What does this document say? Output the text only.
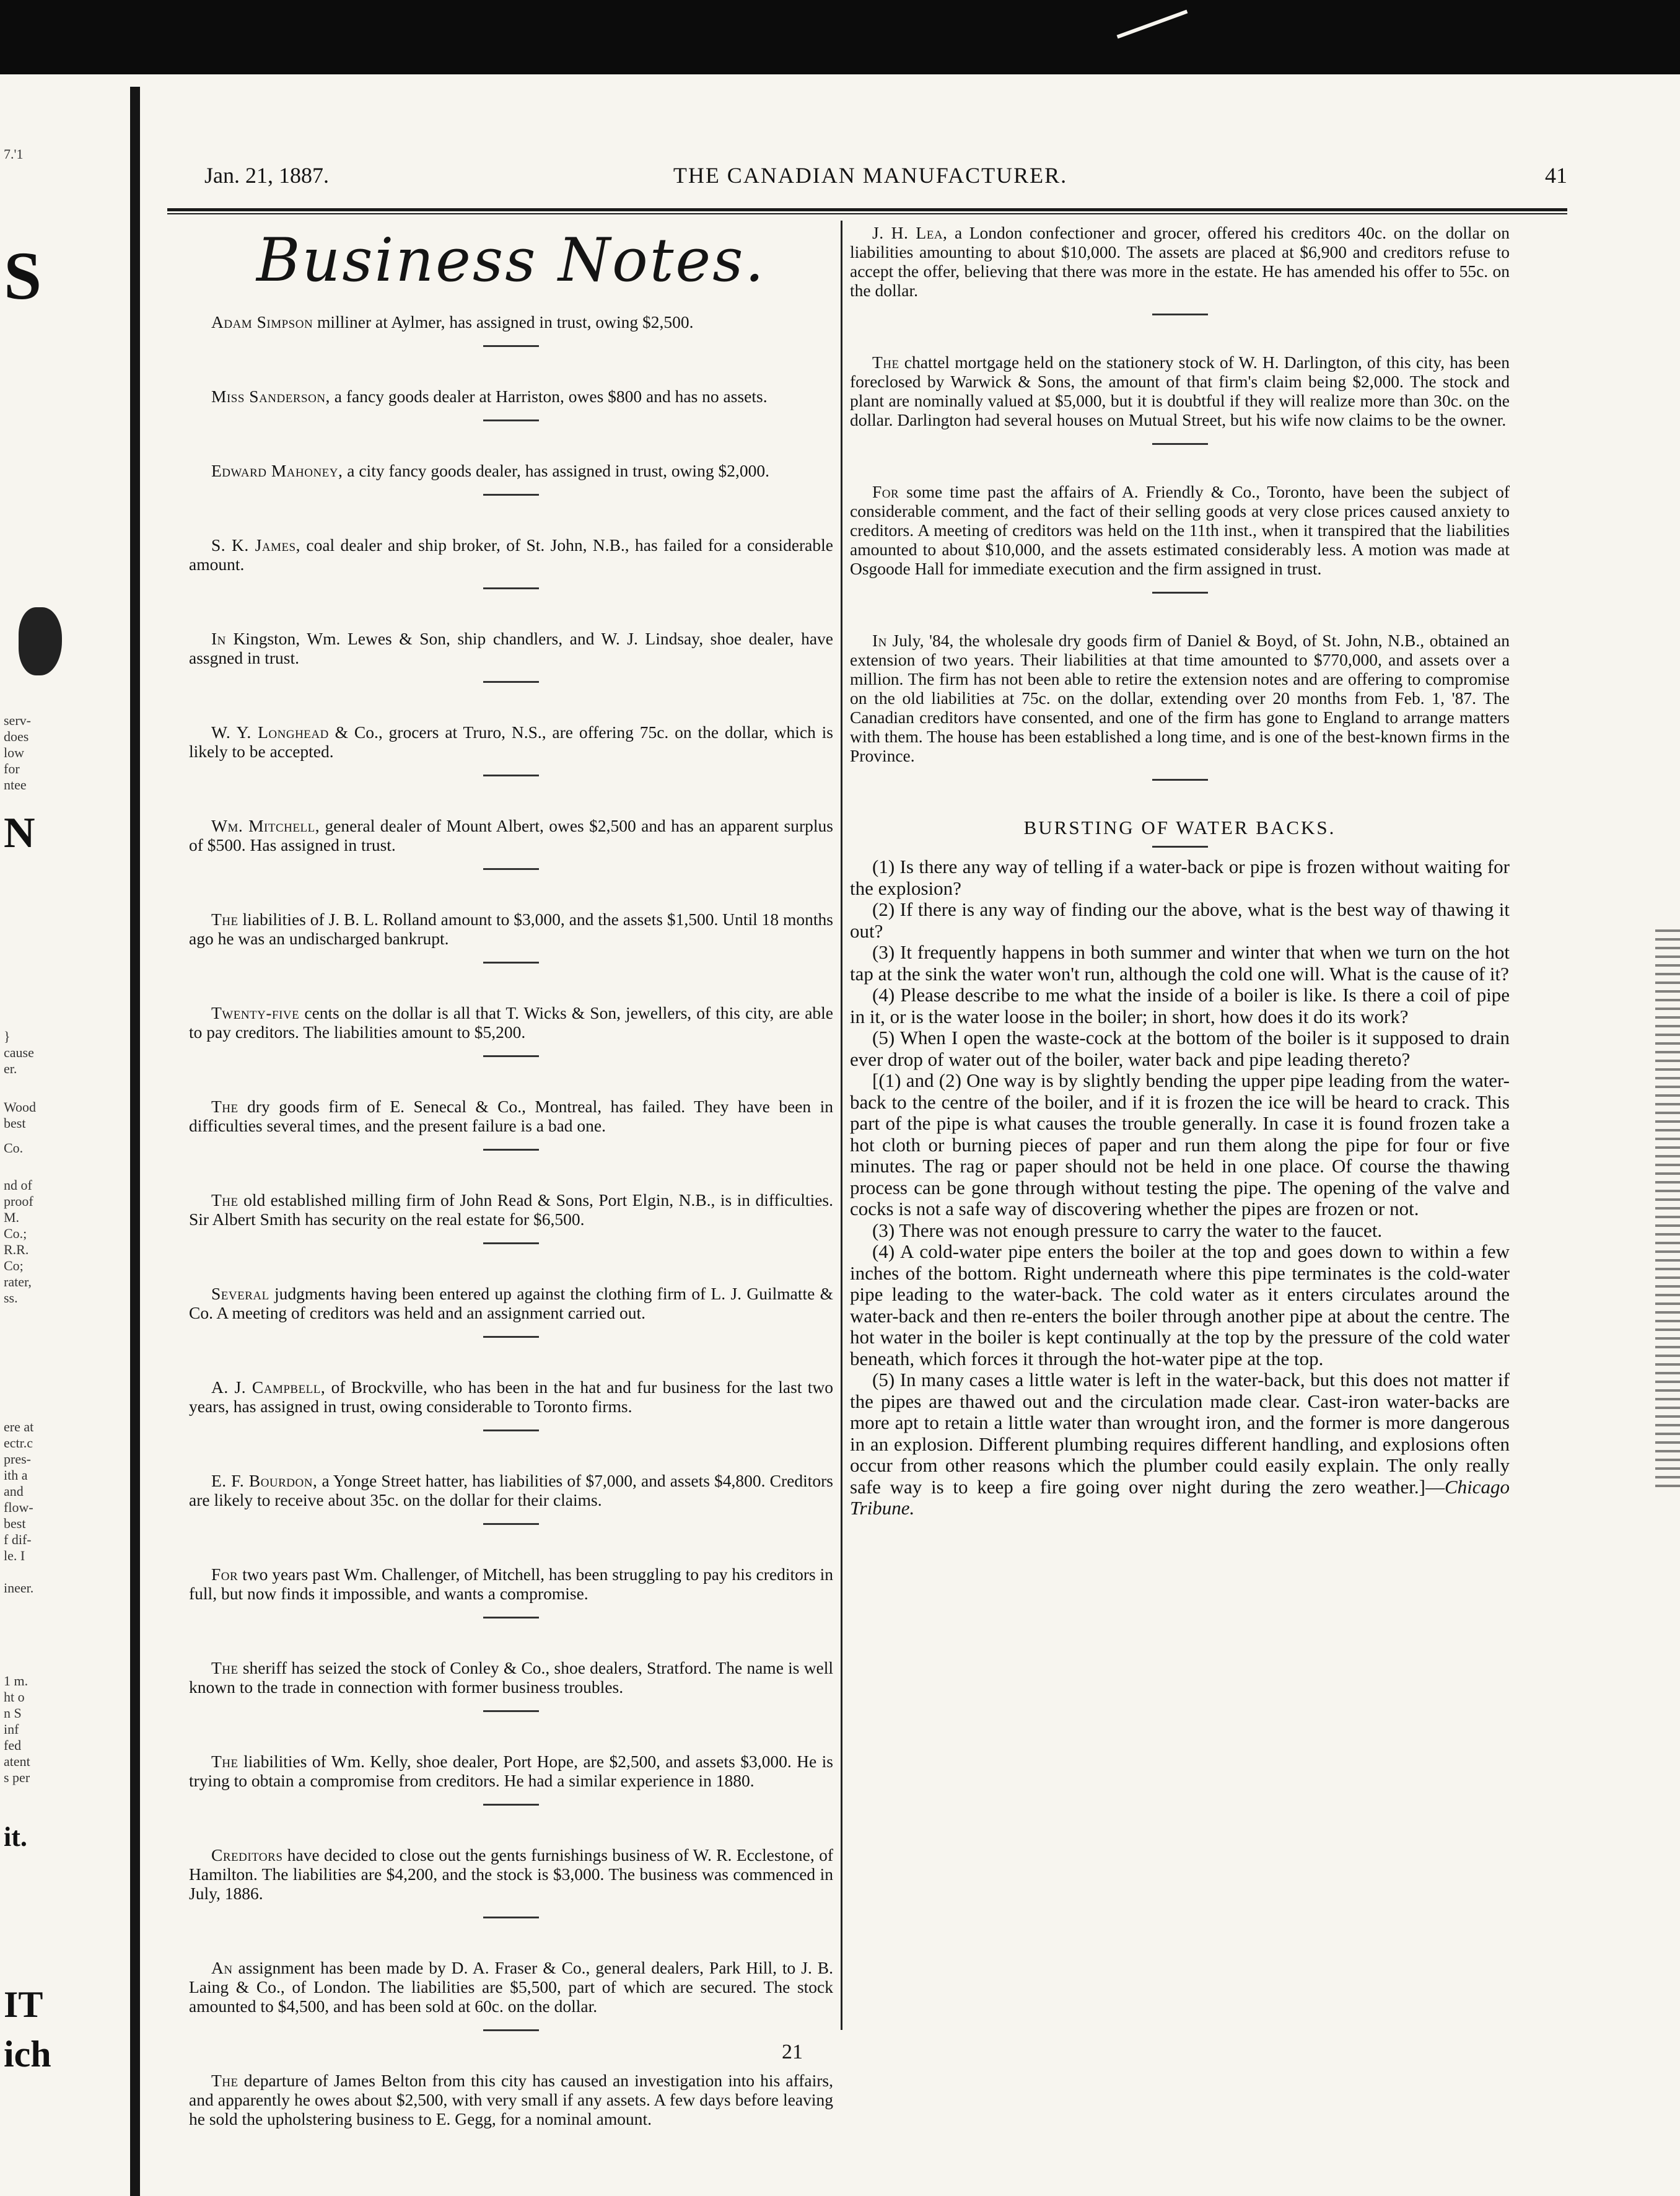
7.'1
S
serv-
does
low
for
ntee
N
}
cause
er.
Wood
best
Co.
nd of
proof
M.
Co.;
R.R.
Co;
rater,
ss.
ere at
ectr.c
pres-
ith a
and
flow-
best
f dif-
le. I
ineer.
1 m.
ht o
n S
inf
fed
atent
s per
it.
IT
ich
Jan. 21, 1887.	THE CANADIAN MANUFACTURER.	41
Business Notes.

Adam Simpson milliner at Aylmer, has assigned in trust, owing $2,500.

Miss Sanderson, a fancy goods dealer at Harriston, owes $800 and has no assets.

Edward Mahoney, a city fancy goods dealer, has assigned in trust, owing $2,000.

S. K. James, coal dealer and ship broker, of St. John, N.B., has failed for a considerable amount.

In Kingston, Wm. Lewes & Son, ship chandlers, and W. J. Lindsay, shoe dealer, have assgned in trust.

W. Y. Longhead & Co., grocers at Truro, N.S., are offering 75c. on the dollar, which is likely to be accepted.

Wm. Mitchell, general dealer of Mount Albert, owes $2,500 and has an apparent surplus of $500. Has assigned in trust.

The liabilities of J. B. L. Rolland amount to $3,000, and the assets $1,500. Until 18 months ago he was an undischarged bankrupt.

Twenty-five cents on the dollar is all that T. Wicks & Son, jewellers, of this city, are able to pay creditors. The liabilities amount to $5,200.

The dry goods firm of E. Senecal & Co., Montreal, has failed. They have been in difficulties several times, and the present failure is a bad one.

The old established milling firm of John Read & Sons, Port Elgin, N.B., is in difficulties. Sir Albert Smith has security on the real estate for $6,500.

Several judgments having been entered up against the clothing firm of L. J. Guilmatte & Co. A meeting of creditors was held and an assignment carried out.

A. J. Campbell, of Brockville, who has been in the hat and fur business for the last two years, has assigned in trust, owing considerable to Toronto firms.

E. F. Bourdon, a Yonge Street hatter, has liabilities of $7,000, and assets $4,800. Creditors are likely to receive about 35c. on the dollar for their claims.

For two years past Wm. Challenger, of Mitchell, has been struggling to pay his creditors in full, but now finds it impossible, and wants a compromise.

The sheriff has seized the stock of Conley & Co., shoe dealers, Stratford. The name is well known to the trade in connection with former business troubles.

The liabilities of Wm. Kelly, shoe dealer, Port Hope, are $2,500, and assets $3,000. He is trying to obtain a compromise from creditors. He had a similar experience in 1880.

Creditors have decided to close out the gents furnishings business of W. R. Ecclestone, of Hamilton. The liabilities are $4,200, and the stock is $3,000. The business was commenced in July, 1886.

An assignment has been made by D. A. Fraser & Co., general dealers, Park Hill, to J. B. Laing & Co., of London. The liabilities are $5,500, part of which are secured. The stock amounted to $4,500, and has been sold at 60c. on the dollar.

The departure of James Belton from this city has caused an investigation into his affairs, and apparently he owes about $2,500, with very small if any assets. A few days before leaving he sold the upholstering business to E. Gegg, for a nominal amount.

J. H. Lea, a London confectioner and grocer, offered his creditors 40c. on the dollar on liabilities amounting to about $10,000. The assets are placed at $6,900 and creditors refuse to accept the offer, believing that there was more in the estate. He has amended his offer to 55c. on the dollar.

The chattel mortgage held on the stationery stock of W. H. Darlington, of this city, has been foreclosed by Warwick & Sons, the amount of that firm's claim being $2,000. The stock and plant are nominally valued at $5,000, but it is doubtful if they will realize more than 30c. on the dollar. Darlington had several houses on Mutual Street, but his wife now claims to be the owner.

For some time past the affairs of A. Friendly & Co., Toronto, have been the subject of considerable comment, and the fact of their selling goods at very close prices caused anxiety to creditors. A meeting of creditors was held on the 11th inst., when it transpired that the liabilities amounted to about $10,000, and the assets estimated considerably less. A motion was made at Osgoode Hall for immediate execution and the firm assigned in trust.

In July, '84, the wholesale dry goods firm of Daniel & Boyd, of St. John, N.B., obtained an extension of two years. Their liabilities at that time amounted to $770,000, and assets over a million. The firm has not been able to retire the extension notes and are offering to compromise on the old liabilities at 75c. on the dollar, extending over 20 months from Feb. 1, '87. The Canadian creditors have consented, and one of the firm has gone to England to arrange matters with them. The house has been established a long time, and is one of the best-known firms in the Province.

BURSTING OF WATER BACKS.

(1) Is there any way of telling if a water-back or pipe is frozen without waiting for the explosion?

(2) If there is any way of finding our the above, what is the best way of thawing it out?

(3) It frequently happens in both summer and winter that when we turn on the hot tap at the sink the water won't run, although the cold one will. What is the cause of it?

(4) Please describe to me what the inside of a boiler is like. Is there a coil of pipe in it, or is the water loose in the boiler; in short, how does it do its work?

(5) When I open the waste-cock at the bottom of the boiler is it supposed to drain ever drop of water out of the boiler, water back and pipe leading thereto?

[(1) and (2) One way is by slightly bending the upper pipe leading from the water-back to the centre of the boiler, and if it is frozen the ice will be heard to crack. This part of the pipe is what causes the trouble generally. In case it is found frozen take a hot cloth or burning pieces of paper and run them along the pipe for four or five minutes. The rag or paper should not be held in one place. Of course the thawing process can be gone through without testing the pipe. The opening of the valve and cocks is not a safe way of discovering whether the pipes are frozen or not.

(3) There was not enough pressure to carry the water to the faucet.

(4) A cold-water pipe enters the boiler at the top and goes down to within a few inches of the bottom. Right underneath where this pipe terminates is the cold-water pipe leading to the water-back. The cold water as it enters circulates around the water-back and then re-enters the boiler through another pipe at about the centre. The hot water in the boiler is kept continually at the top by the pressure of the cold water beneath, which forces it through the hot-water pipe at the top.

(5) In many cases a little water is left in the water-back, but this does not matter if the pipes are thawed out and the circulation made clear. Cast-iron water-backs are more apt to retain a little water than wrought iron, and the former is more dangerous in an explosion. Different plumbing requires different handling, and explosions often occur from other reasons which the plumber could easily explain. The only really safe way is to keep a fire going over night during the zero weather.]—Chicago Tribune.

21
